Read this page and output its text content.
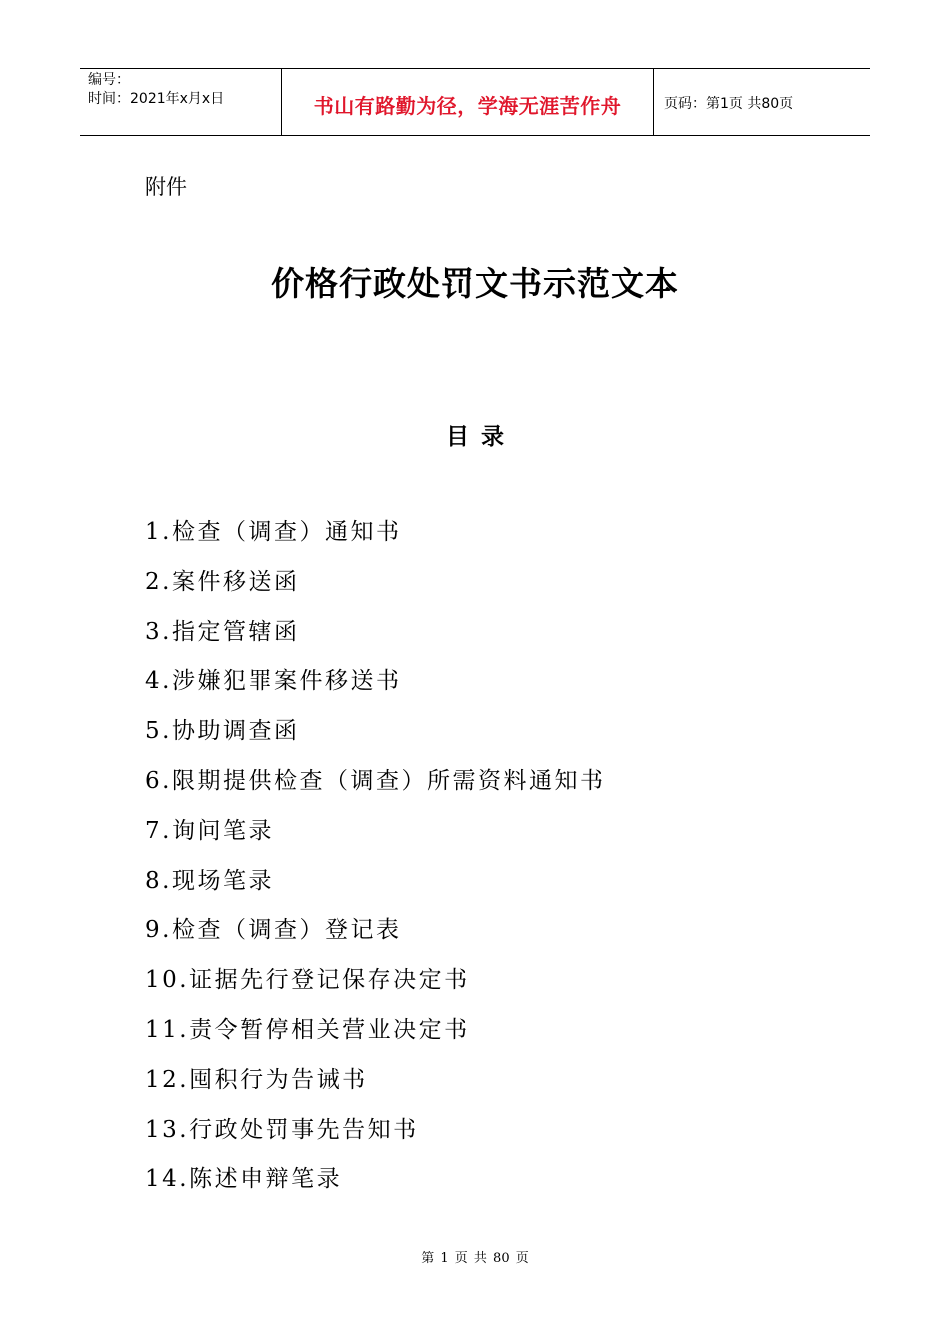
编号：
时间：2021年x月x日	书山有路勤为径，学海无涯苦作舟	页码：第1页 共80页
附件
价格行政处罚文书示范文本
目录
1.检查（调查）通知书
2.案件移送函
3.指定管辖函
4.涉嫌犯罪案件移送书
5.协助调查函
6.限期提供检查（调查）所需资料通知书
7.询问笔录
8.现场笔录
9.检查（调查）登记表
10.证据先行登记保存决定书
11.责令暂停相关营业决定书
12.囤积行为告诫书
13.行政处罚事先告知书
14.陈述申辩笔录
第 1 页 共 80 页
